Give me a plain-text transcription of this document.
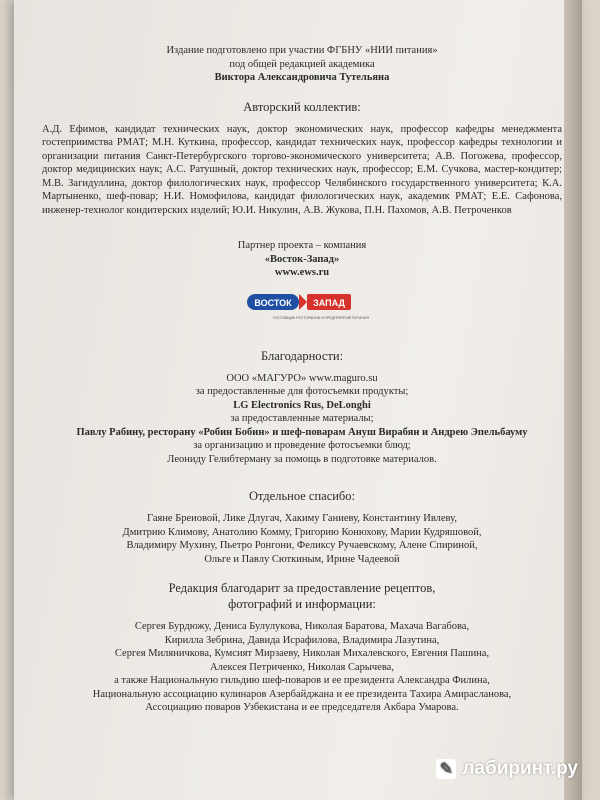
Издание подготовлено при участии ФГБНУ «НИИ питания»

под общей редакцией академика

Виктора Александровича Тутельяна

Авторский коллектив:

А.Д. Ефимов, кандидат технических наук, доктор экономических наук, профессор кафедры менеджмента гостеприимства РМАТ; М.Н. Куткина, профессор, кандидат технических наук, профессор кафедры технологии и организации питания Санкт-Петербургского торгово-экономического университета; А.В. Погожева, профессор, доктор медицинских наук; А.С. Ратушный, доктор технических наук, профессор; Е.М. Сучкова, мастер-кондитер; М.В. Загидуллина, доктор филологических наук, профессор Челябинского государственного университета; К.А. Мартыненко, шеф-повар; Н.И. Номофилова, кандидат филологических наук, академик РМАТ; Е.Е. Сафонова, инженер-технолог кондитерских изделий; Ю.И. Никулин, А.В. Жукова, П.Н. Пахомов, А.В. Петроченков

Партнер проекта – компания

«Восток-Запад»

www.ews.ru

ВОСТОК ЗАПАД
ПОСТАВЩИК РЕСТОРАНОВ И ПРЕДПРИЯТИЙ ПИТАНИЯ

Благодарности:

ООО «МАГУРО» www.maguro.su

за предоставленные для фотосъемки продукты;

LG Electronics Rus, DeLonghi

за предоставленные материалы;

Павлу Рабину, ресторану «Робин Бобин» и шеф-поварам Ануш Вирабян и Андрею Эпельбауму

за организацию и проведение фотосъемки блюд;

Леониду Гелибтерману за помощь в подготовке материалов.

Отдельное спасибо:

Гаяне Бреиовой, Лике Длугач, Хакиму Ганиеву, Константину Ивлеву,

Дмитрию Климову, Анатолию Комму, Григорию Конюхову, Марии Кудряшовой,

Владимиру Мухину, Пьетро Ронгони, Феликсу Ручаевскому, Алене Спириной,

Ольге и Павлу Сюткиным, Ирине Чадеевой

Редакция благодарит за предоставление рецептов,

фотографий и информации:

Сергея Бурдюжу, Дениса Булулукова, Николая Баратова, Махача Вагабова,

Кирилла Зебрина, Давида Исрафилова, Владимира Лазутина,

Сергея Миляничкова, Кумсият Мирзаеву, Николая Михалевского, Евгения Пашина,

Алексея Петриченко, Николая Сарычева,

а также Национальную гильдию шеф-поваров и ее президента Александра Филина,

Национальную ассоциацию кулинаров Азербайджана и ее президента Тахира Амирасланова,

Ассоциацию поваров Узбекистана и ее председателя Акбара Умарова.

✎ лабиринт.ру
